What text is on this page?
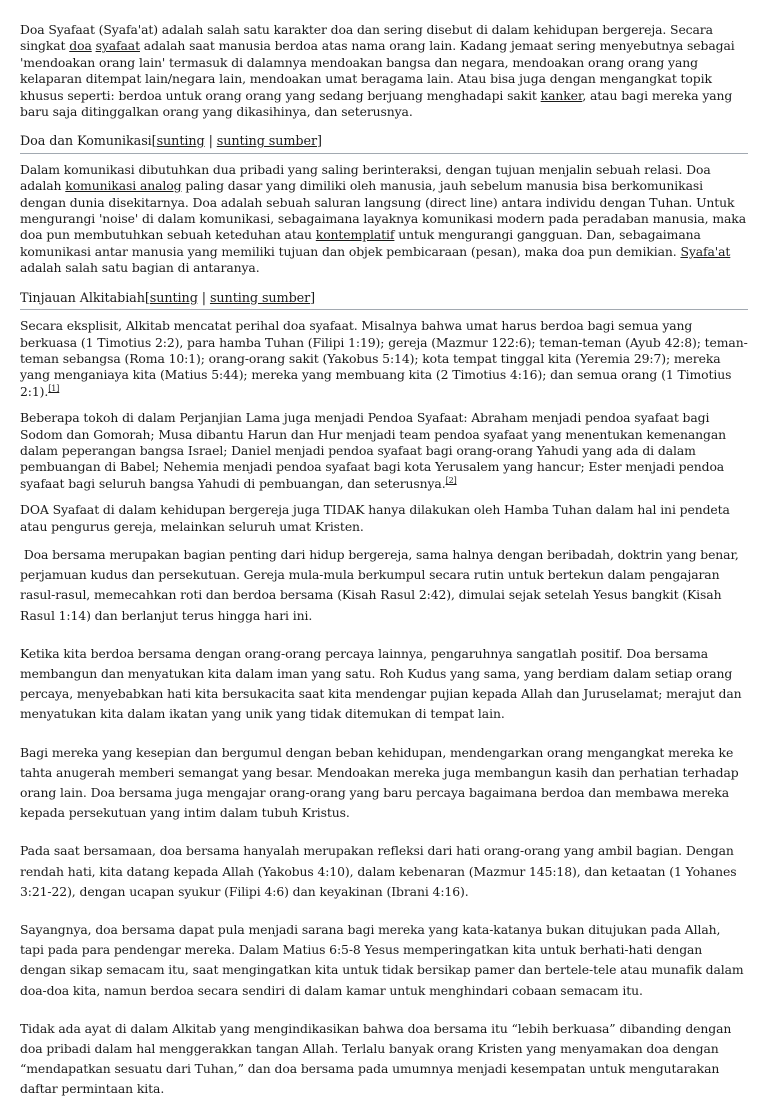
Doa Syafaat (Syafa'at) adalah salah satu karakter doa dan sering disebut di dalam kehidupan bergereja. Secara singkat doa syafaat adalah saat manusia berdoa atas nama orang lain. Kadang jemaat sering menyebutnya sebagai 'mendoakan orang lain' termasuk di dalamnya mendoakan bangsa dan negara, mendoakan orang orang yang kelaparan ditempat lain/negara lain, mendoakan umat beragama lain. Atau bisa juga dengan mengangkat topik khusus seperti: berdoa untuk orang orang yang sedang berjuang menghadapi sakit kanker, atau bagi mereka yang baru saja ditinggalkan orang yang dikasihinya, dan seterusnya.

Doa dan Komunikasi[sunting | sunting sumber]

Dalam komunikasi dibutuhkan dua pribadi yang saling berinteraksi, dengan tujuan menjalin sebuah relasi. Doa adalah komunikasi analog paling dasar yang dimiliki oleh manusia, jauh sebelum manusia bisa berkomunikasi dengan dunia disekitarnya. Doa adalah sebuah saluran langsung (direct line) antara individu dengan Tuhan. Untuk mengurangi 'noise' di dalam komunikasi, sebagaimana layaknya komunikasi modern pada peradaban manusia, maka doa pun membutuhkan sebuah keteduhan atau kontemplatif untuk mengurangi gangguan. Dan, sebagaimana komunikasi antar manusia yang memiliki tujuan dan objek pembicaraan (pesan), maka doa pun demikian. Syafa'at adalah salah satu bagian di antaranya.

Tinjauan Alkitabiah[sunting | sunting sumber]

Secara eksplisit, Alkitab mencatat perihal doa syafaat. Misalnya bahwa umat harus berdoa bagi semua yang berkuasa (1 Timotius 2:2), para hamba Tuhan (Filipi 1:19); gereja (Mazmur 122:6); teman-teman (Ayub 42:8); teman-teman sebangsa (Roma 10:1); orang-orang sakit (Yakobus 5:14); kota tempat tinggal kita (Yeremia 29:7); mereka yang menganiaya kita (Matius 5:44); mereka yang membuang kita (2 Timotius 4:16); dan semua orang (1 Timotius 2:1).[1]

Beberapa tokoh di dalam Perjanjian Lama juga menjadi Pendoa Syafaat: Abraham menjadi pendoa syafaat bagi Sodom dan Gomorah; Musa dibantu Harun dan Hur menjadi team pendoa syafaat yang menentukan kemenangan dalam peperangan bangsa Israel; Daniel menjadi pendoa syafaat bagi orang-orang Yahudi yang ada di dalam pembuangan di Babel; Nehemia menjadi pendoa syafaat bagi kota Yerusalem yang hancur; Ester menjadi pendoa syafaat bagi seluruh bangsa Yahudi di pembuangan, dan seterusnya.[2]

DOA Syafaat di dalam kehidupan bergereja juga TIDAK hanya dilakukan oleh Hamba Tuhan dalam hal ini pendeta atau pengurus gereja, melainkan seluruh umat Kristen.

Doa bersama merupakan bagian penting dari hidup bergereja, sama halnya dengan beribadah, doktrin yang benar, perjamuan kudus dan persekutuan. Gereja mula-mula berkumpul secara rutin untuk bertekun dalam pengajaran rasul-rasul, memecahkan roti dan berdoa bersama (Kisah Rasul 2:42), dimulai sejak setelah Yesus bangkit (Kisah Rasul 1:14) dan berlanjut terus hingga hari ini.

Ketika kita berdoa bersama dengan orang-orang percaya lainnya, pengaruhnya sangatlah positif. Doa bersama membangun dan menyatukan kita dalam iman yang satu. Roh Kudus yang sama, yang berdiam dalam setiap orang percaya, menyebabkan hati kita bersukacita saat kita mendengar pujian kepada Allah dan Juruselamat; merajut dan menyatukan kita dalam ikatan yang unik yang tidak ditemukan di tempat lain.

Bagi mereka yang kesepian dan bergumul dengan beban kehidupan, mendengarkan orang mengangkat mereka ke tahta anugerah memberi semangat yang besar. Mendoakan mereka juga membangun kasih dan perhatian terhadap orang lain. Doa bersama juga mengajar orang-orang yang baru percaya bagaimana berdoa dan membawa mereka kepada persekutuan yang intim dalam tubuh Kristus.

Pada saat bersamaan, doa bersama hanyalah merupakan refleksi dari hati orang-orang yang ambil bagian. Dengan rendah hati, kita datang kepada Allah (Yakobus 4:10), dalam kebenaran (Mazmur 145:18), dan ketaatan (1 Yohanes 3:21-22), dengan ucapan syukur (Filipi 4:6) dan keyakinan (Ibrani 4:16).

Sayangnya, doa bersama dapat pula menjadi sarana bagi mereka yang kata-katanya bukan ditujukan pada Allah, tapi pada para pendengar mereka. Dalam Matius 6:5-8 Yesus memperingatkan kita untuk berhati-hati dengan dengan sikap semacam itu, saat mengingatkan kita untuk tidak bersikap pamer dan bertele-tele atau munafik dalam doa-doa kita, namun berdoa secara sendiri di dalam kamar untuk menghindari cobaan semacam itu.

Tidak ada ayat di dalam Alkitab yang mengindikasikan bahwa doa bersama itu “lebih berkuasa” dibanding dengan doa pribadi dalam hal menggerakkan tangan Allah. Terlalu banyak orang Kristen yang menyamakan doa dengan “mendapatkan sesuatu dari Tuhan,” dan doa bersama pada umumnya menjadi kesempatan untuk mengutarakan daftar permintaan kita.
